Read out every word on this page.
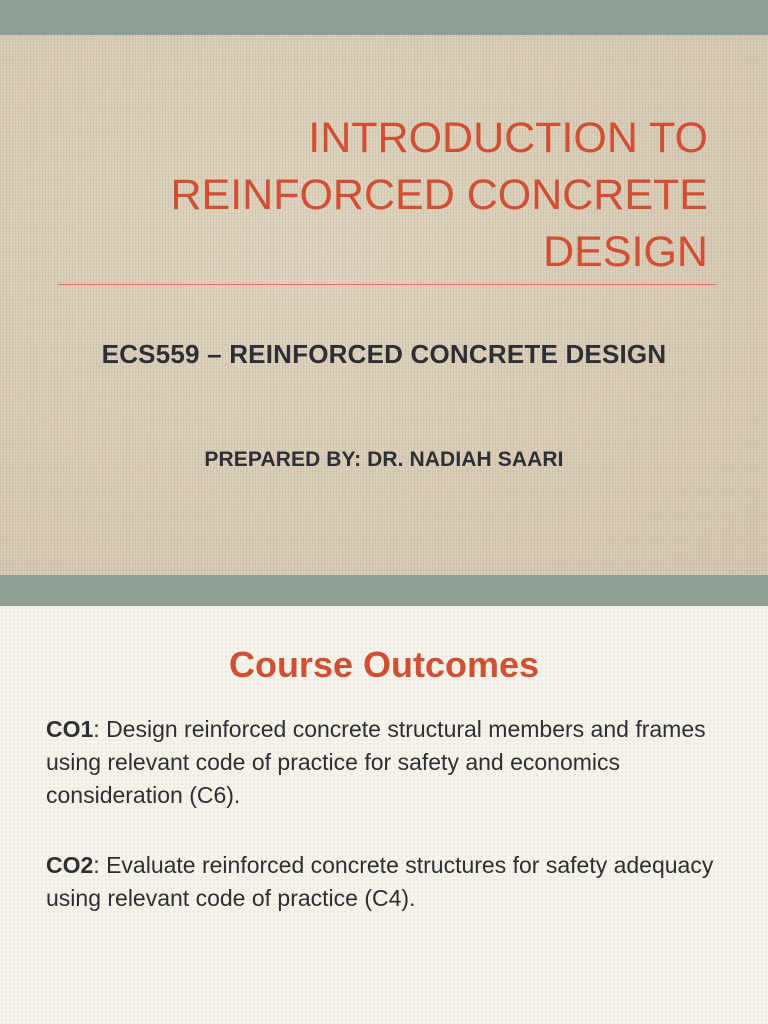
INTRODUCTION TO
REINFORCED CONCRETE
DESIGN

ECS559 – REINFORCED CONCRETE DESIGN

PREPARED BY: DR. NADIAH SAARI

Course Outcomes

CO1: Design reinforced concrete structural members and frames using relevant code of practice for safety and economics consideration (C6).

CO2: Evaluate reinforced concrete structures for safety adequacy using relevant code of practice (C4).
